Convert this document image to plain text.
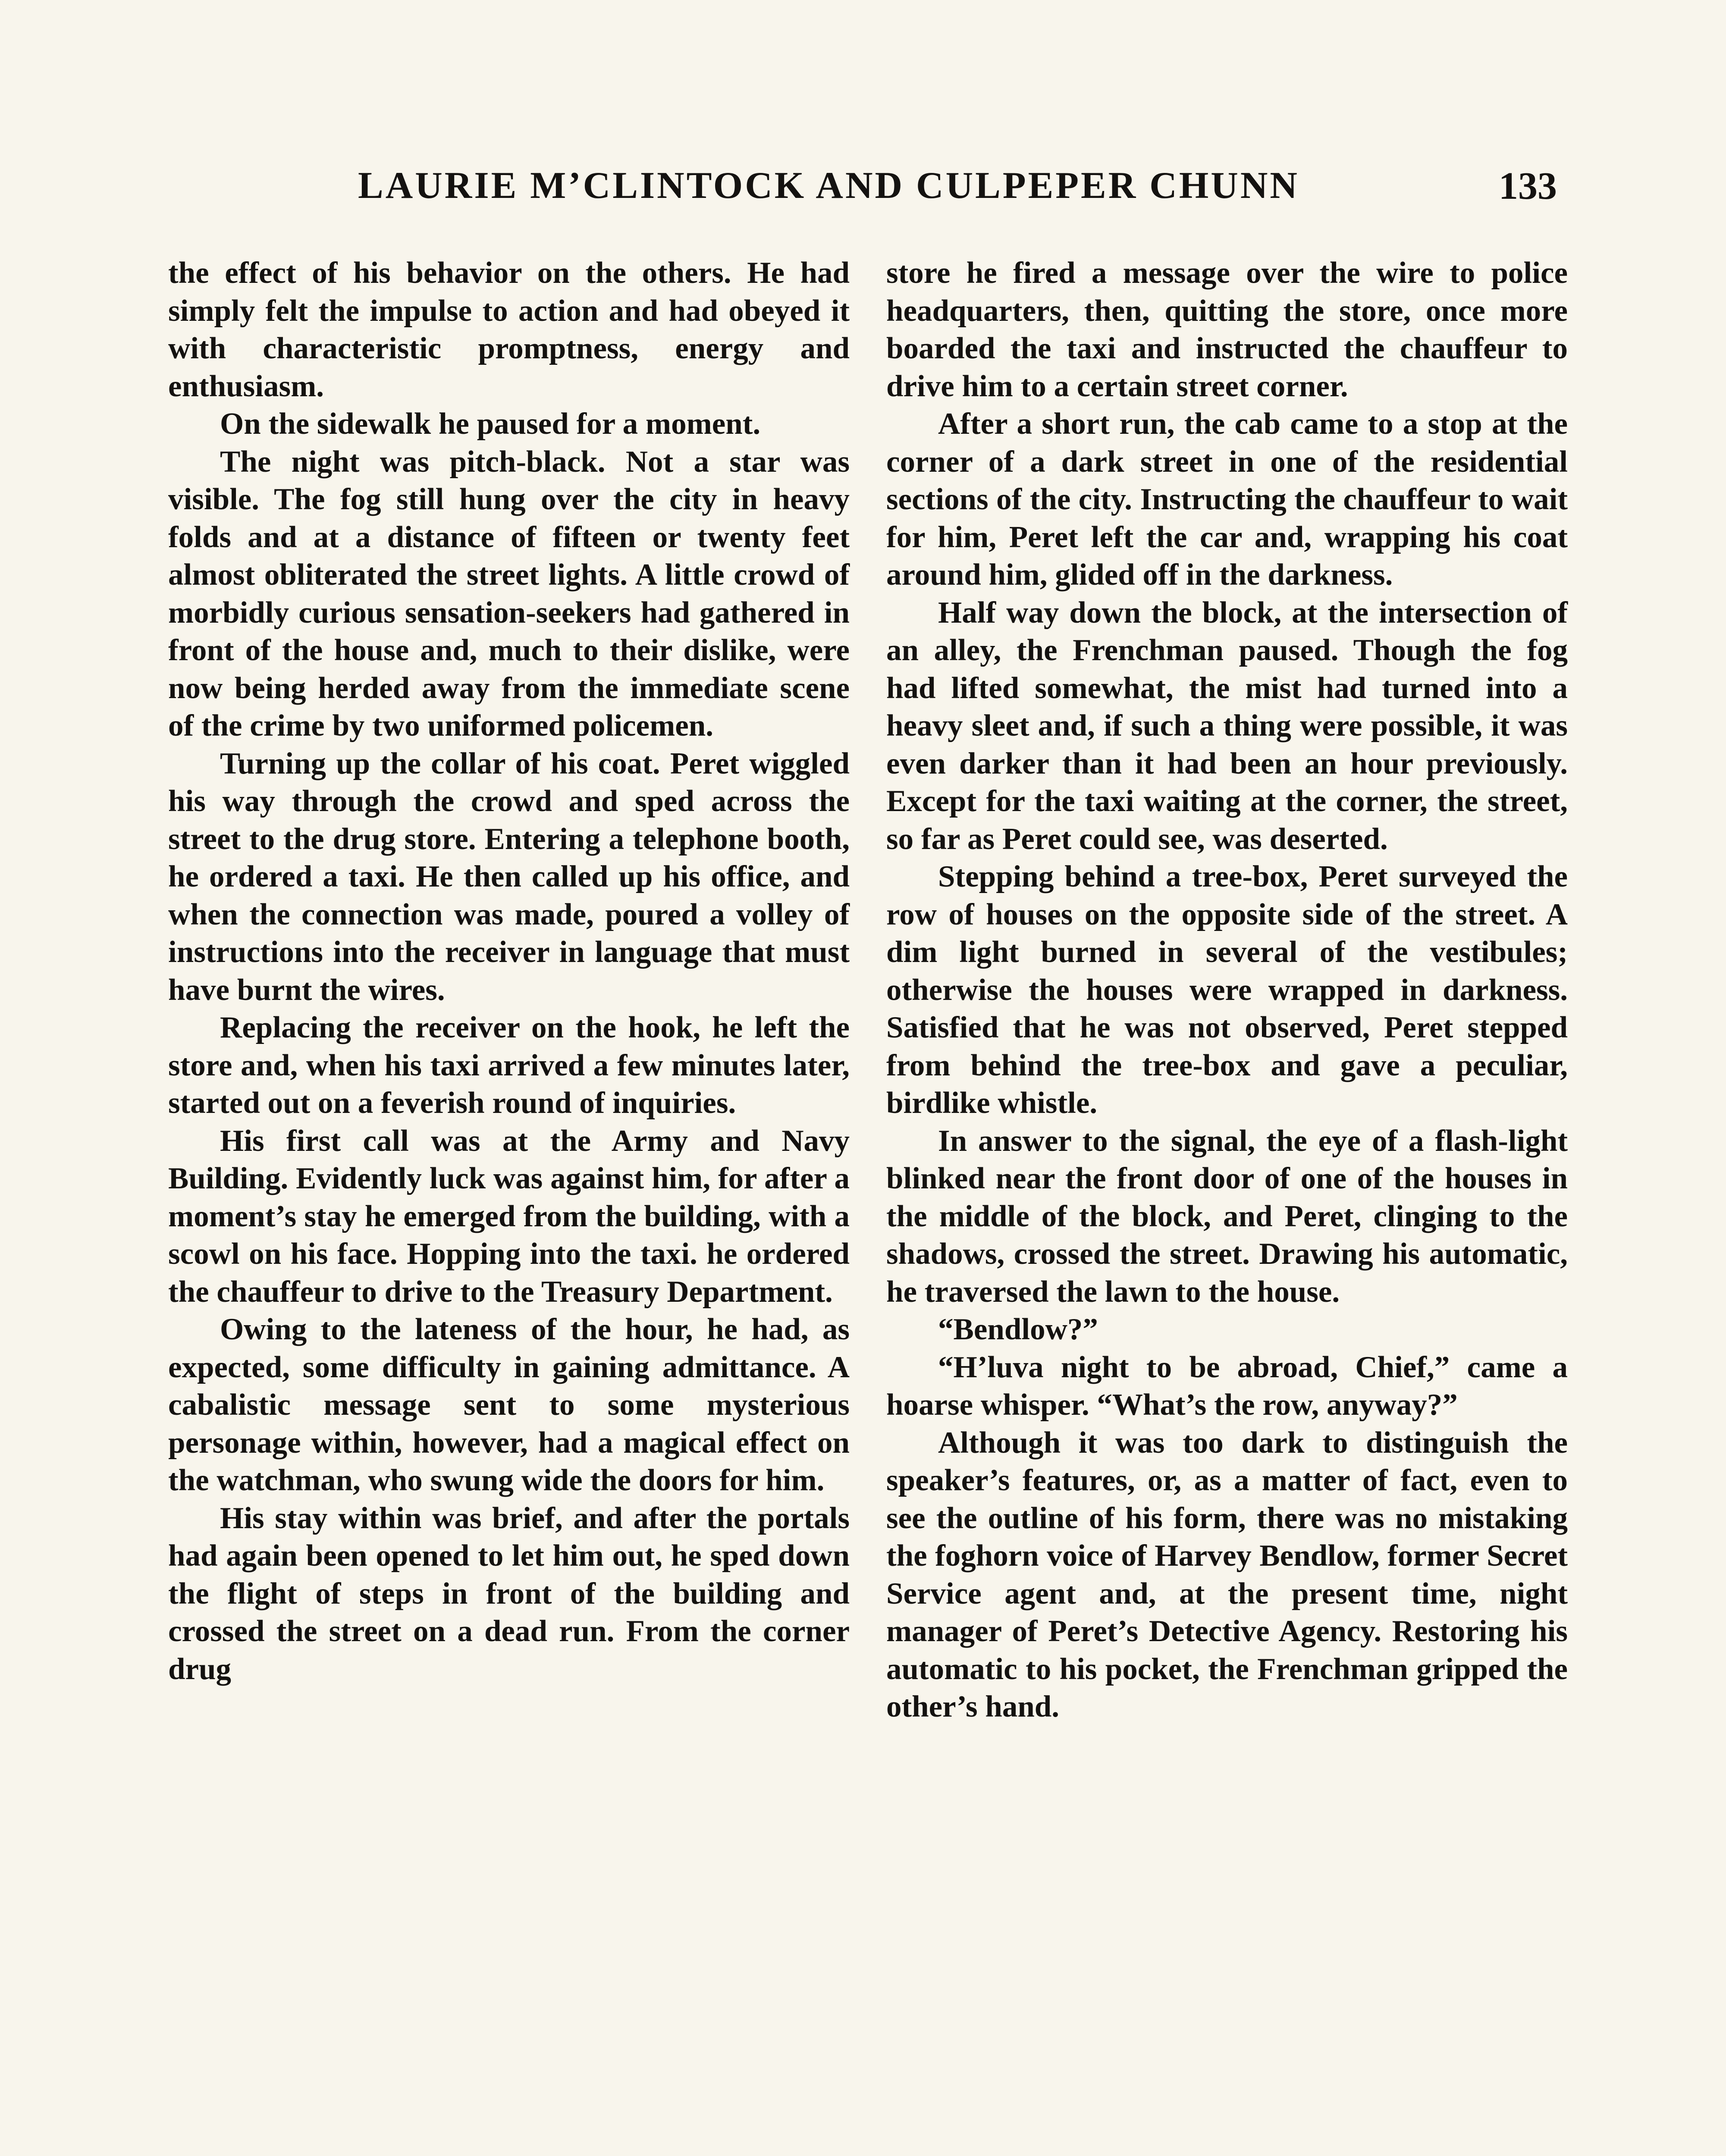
LAURIE M’CLINTOCK AND CULPEPER CHUNN	133

the effect of his behavior on the others. He had simply felt the impulse to action and had obeyed it with characteristic promptness, energy and enthusiasm.

On the sidewalk he paused for a moment.

The night was pitch-black. Not a star was visible. The fog still hung over the city in heavy folds and at a distance of fifteen or twenty feet almost obliterated the street lights. A little crowd of morbidly curious sensation-seekers had gathered in front of the house and, much to their dislike, were now being herded away from the immediate scene of the crime by two uniformed policemen.

Turning up the collar of his coat. Peret wiggled his way through the crowd and sped across the street to the drug store. Entering a telephone booth, he ordered a taxi. He then called up his office, and when the connection was made, poured a volley of instructions into the receiver in language that must have burnt the wires.

Replacing the receiver on the hook, he left the store and, when his taxi arrived a few minutes later, started out on a feverish round of inquiries.

His first call was at the Army and Navy Building. Evidently luck was against him, for after a moment’s stay he emerged from the building, with a scowl on his face. Hopping into the taxi. he ordered the chauffeur to drive to the Treasury Department.

Owing to the lateness of the hour, he had, as expected, some difficulty in gaining admittance. A cabalistic message sent to some mysterious personage within, however, had a magical effect on the watchman, who swung wide the doors for him.

His stay within was brief, and after the portals had again been opened to let him out, he sped down the flight of steps in front of the building and crossed the street on a dead run. From the corner drug

store he fired a message over the wire to police headquarters, then, quitting the store, once more boarded the taxi and instructed the chauffeur to drive him to a certain street corner.

After a short run, the cab came to a stop at the corner of a dark street in one of the residential sections of the city. Instructing the chauffeur to wait for him, Peret left the car and, wrapping his coat around him, glided off in the darkness.

Half way down the block, at the intersection of an alley, the Frenchman paused. Though the fog had lifted somewhat, the mist had turned into a heavy sleet and, if such a thing were possible, it was even darker than it had been an hour previously. Except for the taxi waiting at the corner, the street, so far as Peret could see, was deserted.

Stepping behind a tree-box, Peret surveyed the row of houses on the opposite side of the street. A dim light burned in several of the vestibules; otherwise the houses were wrapped in darkness. Satisfied that he was not observed, Peret stepped from behind the tree-box and gave a peculiar, birdlike whistle.

In answer to the signal, the eye of a flash-light blinked near the front door of one of the houses in the middle of the block, and Peret, clinging to the shadows, crossed the street. Drawing his automatic, he traversed the lawn to the house.

“Bendlow?”

“H’luva night to be abroad, Chief,” came a hoarse whisper. “What’s the row, anyway?”

Although it was too dark to distinguish the speaker’s features, or, as a matter of fact, even to see the outline of his form, there was no mistaking the foghorn voice of Harvey Bendlow, former Secret Service agent and, at the present time, night manager of Peret’s Detective Agency. Restoring his automatic to his pocket, the Frenchman gripped the other’s hand.
